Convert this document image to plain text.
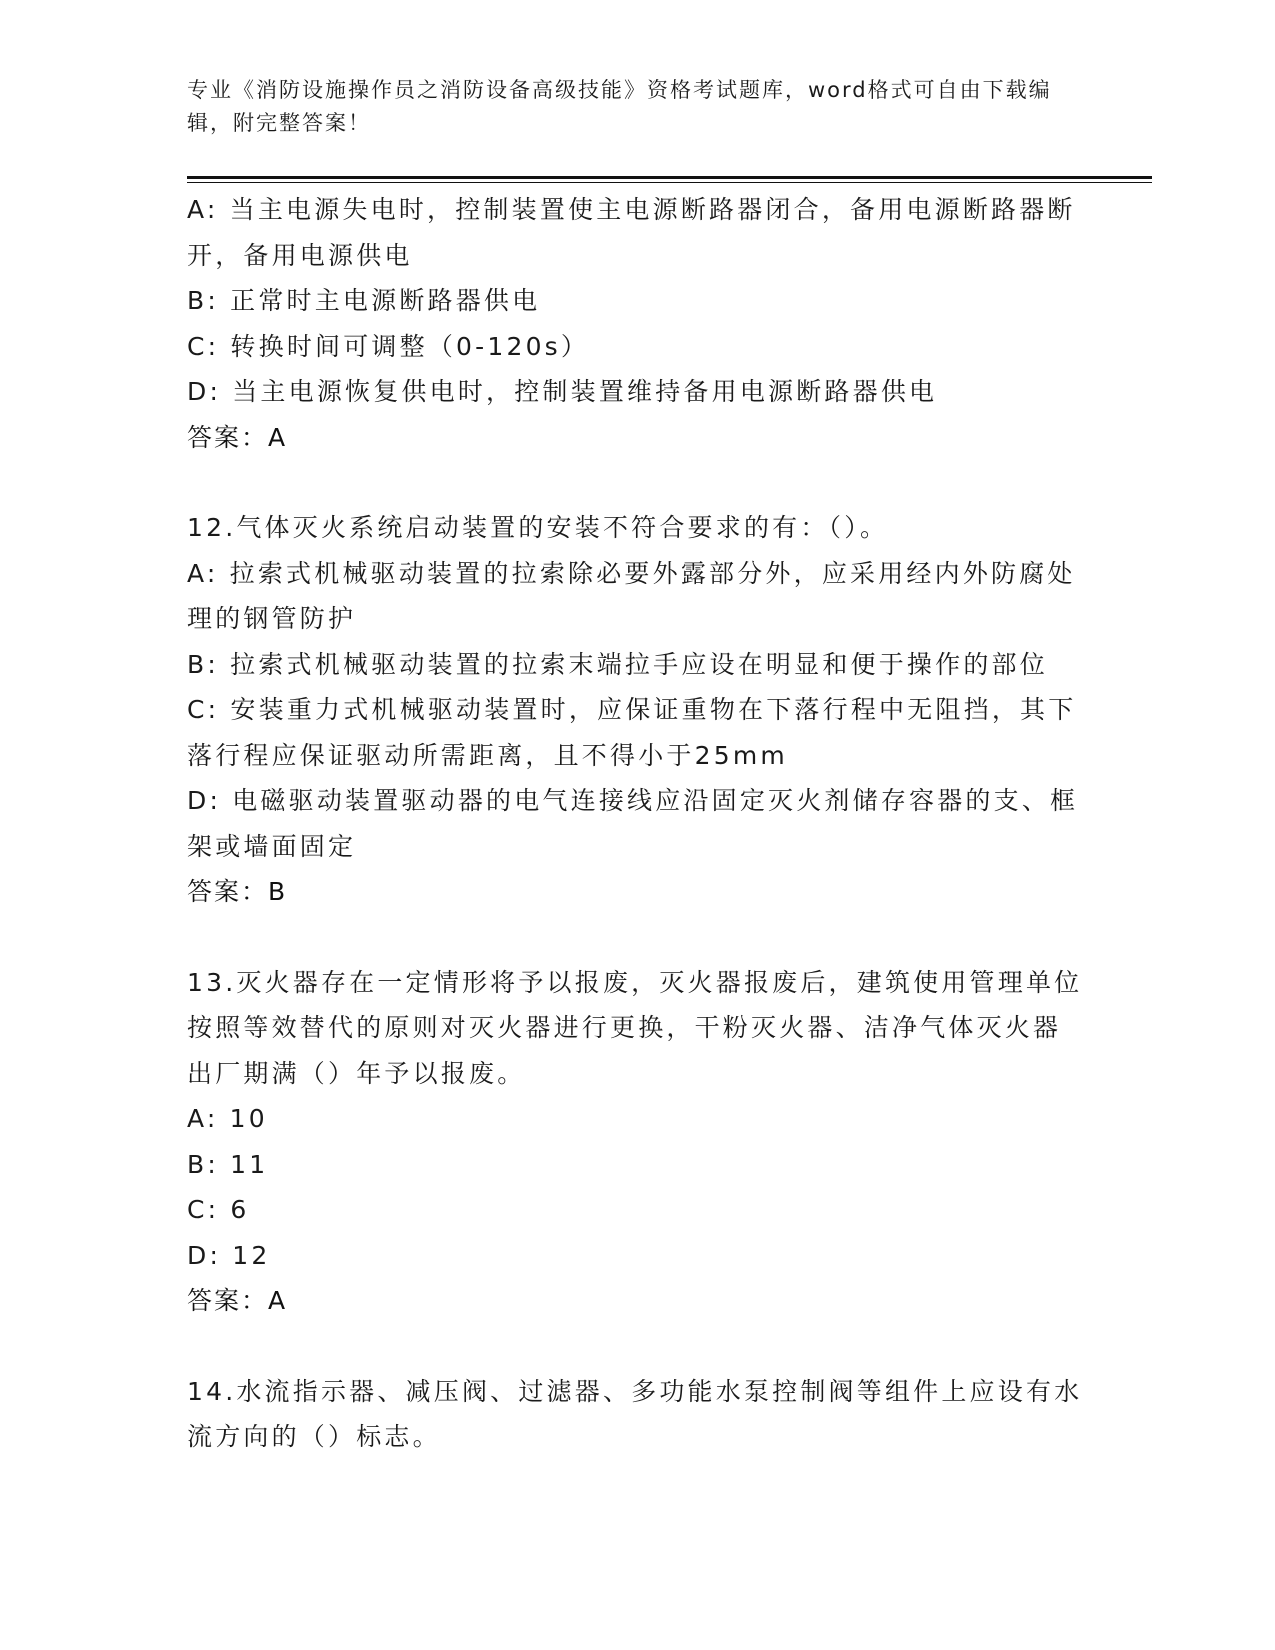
专业《消防设施操作员之消防设备高级技能》资格考试题库，word格式可自由下载编辑，附完整答案！
A: 当主电源失电时，控制装置使主电源断路器闭合，备用电源断路器断开，备用电源供电
B: 正常时主电源断路器供电
C: 转换时间可调整（0-120s）
D: 当主电源恢复供电时，控制装置维持备用电源断路器供电
答案：A
12.气体灭火系统启动装置的安装不符合要求的有：（）。
A: 拉索式机械驱动装置的拉索除必要外露部分外，应采用经内外防腐处理的钢管防护
B: 拉索式机械驱动装置的拉索末端拉手应设在明显和便于操作的部位
C: 安装重力式机械驱动装置时，应保证重物在下落行程中无阻挡，其下落行程应保证驱动所需距离，且不得小于25mm
D: 电磁驱动装置驱动器的电气连接线应沿固定灭火剂储存容器的支、框架或墙面固定
答案：B
13.灭火器存在一定情形将予以报废，灭火器报废后，建筑使用管理单位按照等效替代的原则对灭火器进行更换，干粉灭火器、洁净气体灭火器出厂期满（）年予以报废。
A: 10
B: 11
C: 6
D: 12
答案：A
14.水流指示器、减压阀、过滤器、多功能水泵控制阀等组件上应设有水流方向的（）标志。
